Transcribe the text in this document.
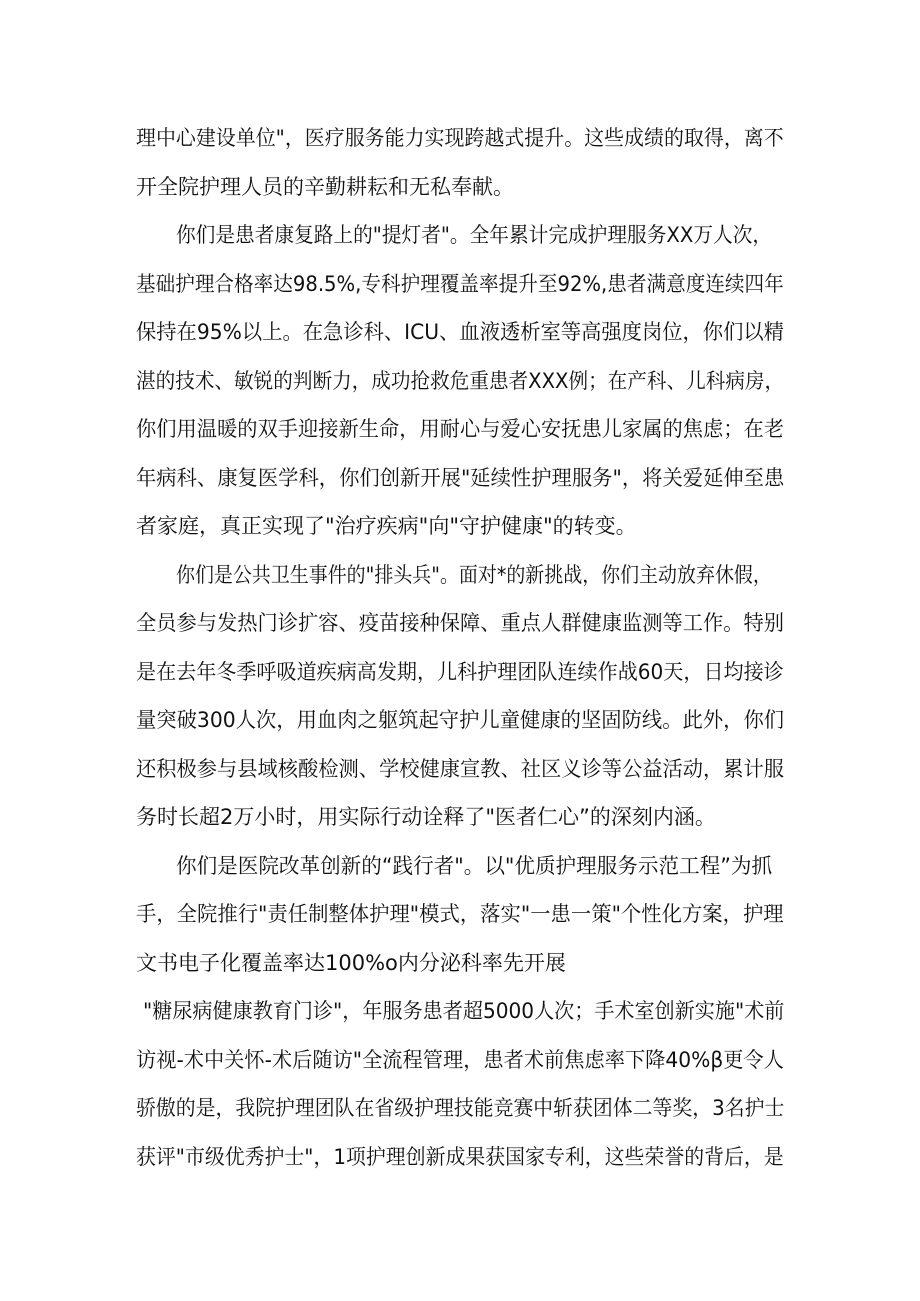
理中心建设单位"，医疗服务能力实现跨越式提升。这些成绩的取得，离不
开全院护理人员的辛勤耕耘和无私奉献。
你们是患者康复路上的"提灯者"。全年累计完成护理服务XX万人次，
基础护理合格率达98.5%,专科护理覆盖率提升至92%,患者满意度连续四年
保持在95%以上。在急诊科、ICU、血液透析室等高强度岗位，你们以精
湛的技术、敏锐的判断力，成功抢救危重患者XXX例；在产科、儿科病房，
你们用温暖的双手迎接新生命，用耐心与爱心安抚患儿家属的焦虑；在老
年病科、康复医学科，你们创新开展"延续性护理服务"，将关爱延伸至患
者家庭，真正实现了"治疗疾病"向"守护健康"的转变。
你们是公共卫生事件的"排头兵"。面对*的新挑战，你们主动放弃休假，
全员参与发热门诊扩容、疫苗接种保障、重点人群健康监测等工作。特别
是在去年冬季呼吸道疾病高发期，儿科护理团队连续作战60天，日均接诊
量突破300人次，用血肉之躯筑起守护儿童健康的坚固防线。此外，你们
还积极参与县域核酸检测、学校健康宣教、社区义诊等公益活动，累计服
务时长超2万小时，用实际行动诠释了"医者仁心”的深刻内涵。
你们是医院改革创新的“践行者"。以"优质护理服务示范工程”为抓
手，全院推行"责任制整体护理"模式，落实"一患一策"个性化方案，护理
文书电子化覆盖率达100%o内分泌科率先开展
"糖尿病健康教育门诊"，年服务患者超5000人次；手术室创新实施"术前
访视-术中关怀-术后随访"全流程管理，患者术前焦虑率下降40%β更令人
骄傲的是，我院护理团队在省级护理技能竞赛中斩获团体二等奖，3名护士
获评"市级优秀护士"，1项护理创新成果获国家专利，这些荣誉的背后，是
